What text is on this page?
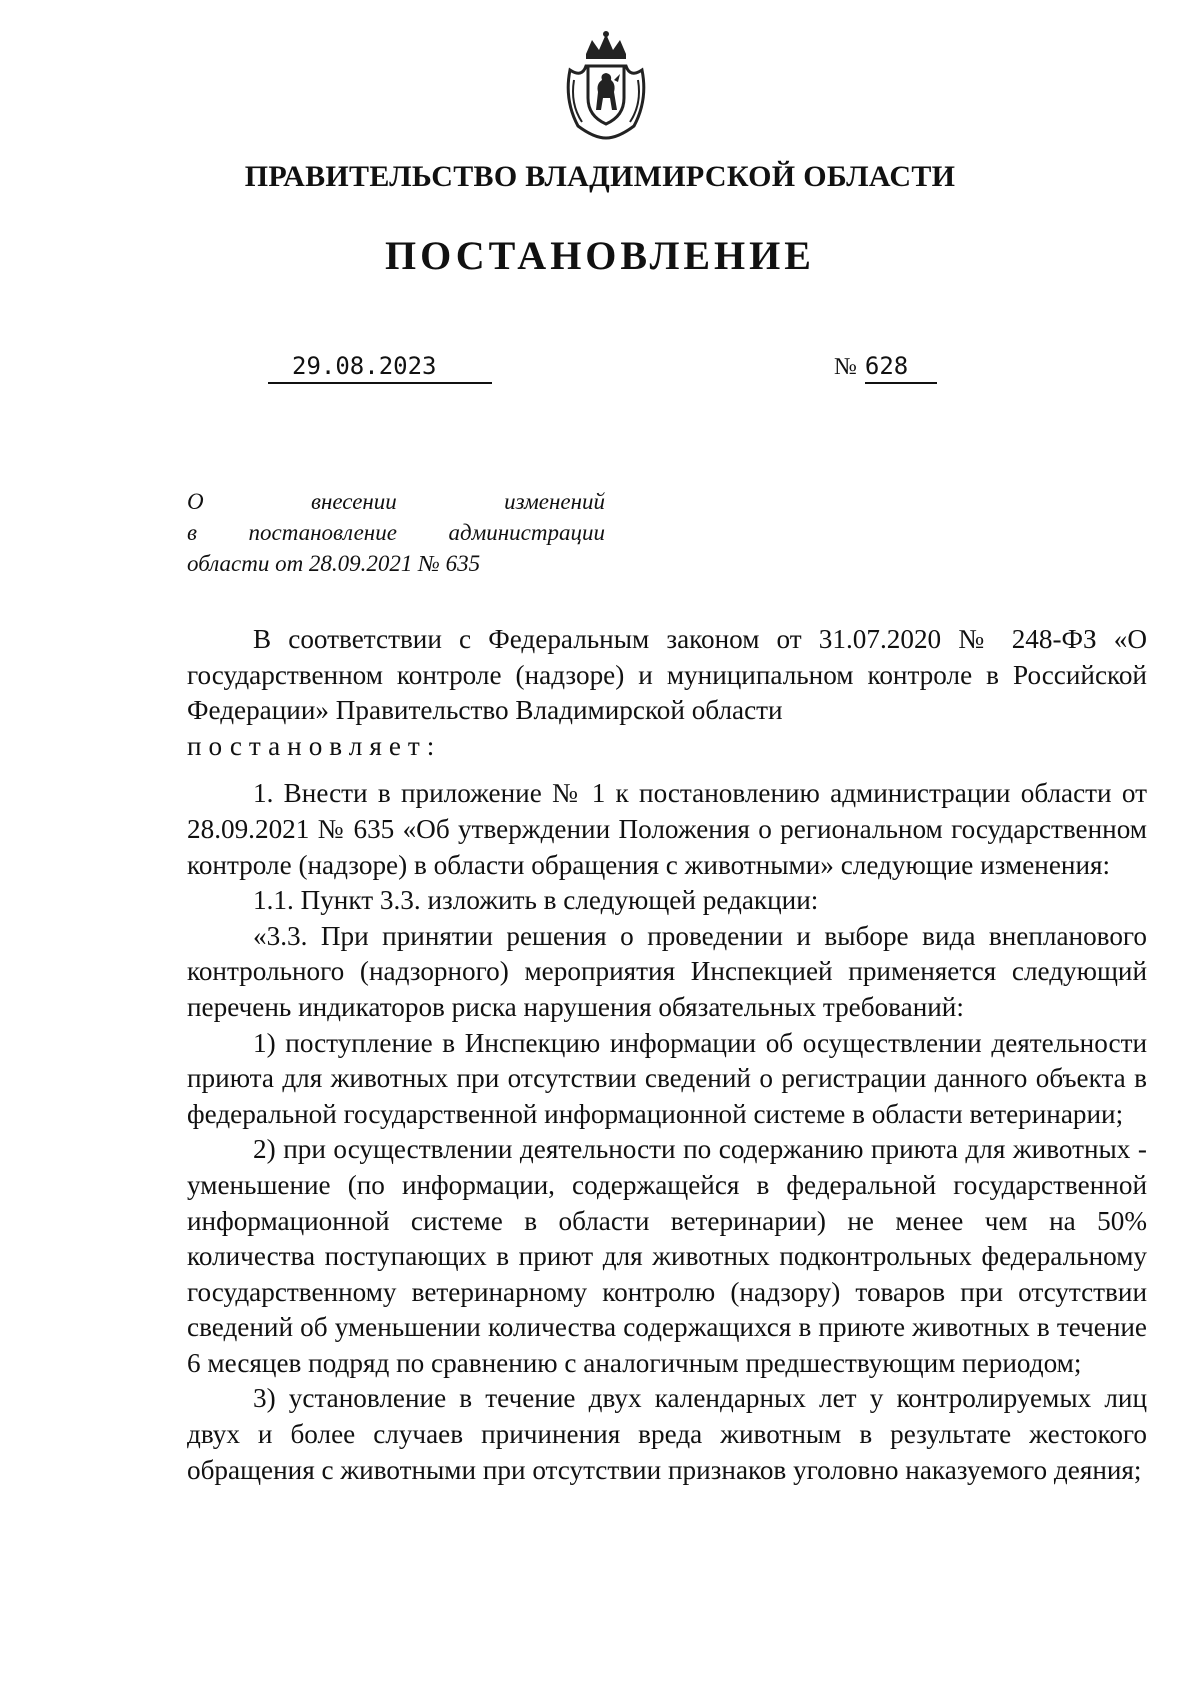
ПРАВИТЕЛЬСТВО ВЛАДИМИРСКОЙ ОБЛАСТИ
ПОСТАНОВЛЕНИЕ
29.08.2023	№ 628
О внесении изменений
в постановление администрации
области от 28.09.2021 № 635

В соответствии с Федеральным законом от 31.07.2020 № 248-ФЗ «О государственном контроле (надзоре) и муниципальном контроле в Российской Федерации» Правительство Владимирской области

постановляет:

1. Внести в приложение № 1 к постановлению администрации области от 28.09.2021 № 635 «Об утверждении Положения о региональном государственном контроле (надзоре) в области обращения с животными» следующие изменения:

1.1. Пункт 3.3. изложить в следующей редакции:

«3.3. При принятии решения о проведении и выборе вида внепланового контрольного (надзорного) мероприятия Инспекцией применяется следующий перечень индикаторов риска нарушения обязательных требований:

1) поступление в Инспекцию информации об осуществлении деятельности приюта для животных при отсутствии сведений о регистрации данного объекта в федеральной государственной информационной системе в области ветеринарии;

2) при осуществлении деятельности по содержанию приюта для животных - уменьшение (по информации, содержащейся в федеральной государственной информационной системе в области ветеринарии) не менее чем на 50% количества поступающих в приют для животных подконтрольных федеральному государственному ветеринарному контролю (надзору) товаров при отсутствии сведений об уменьшении количества содержащихся в приюте животных в течение 6 месяцев подряд по сравнению с аналогичным предшествующим периодом;

3) установление в течение двух календарных лет у контролируемых лиц двух и более случаев причинения вреда животным в результате жестокого обращения с животными при отсутствии признаков уголовно наказуемого деяния;
